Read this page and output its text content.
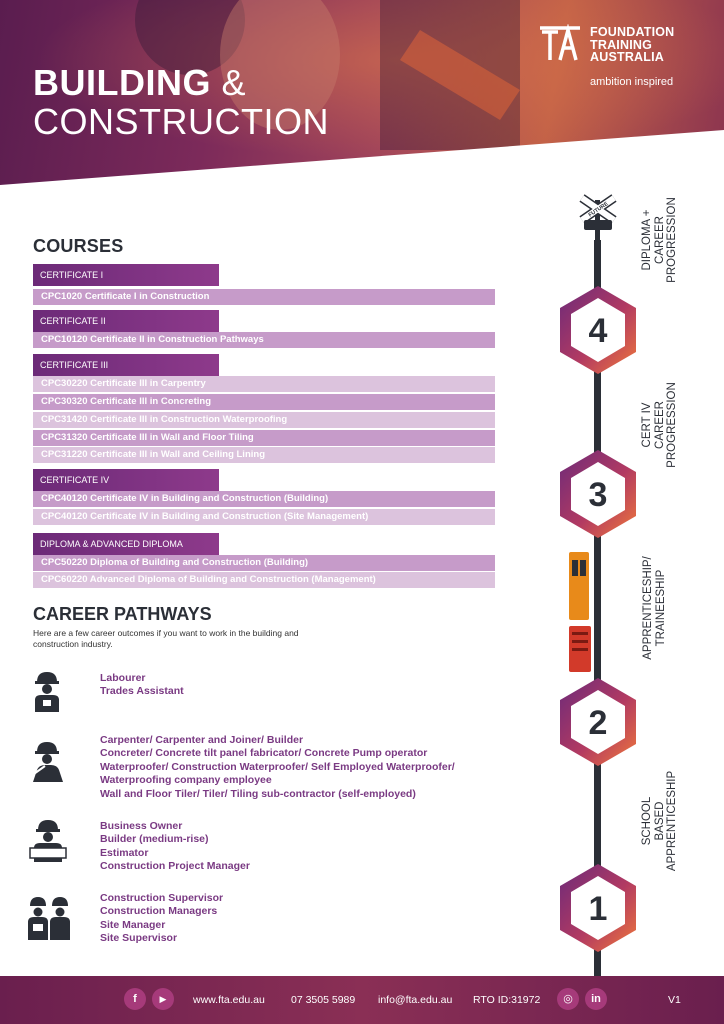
BUILDING &
CONSTRUCTION
FOUNDATION
TRAINING
AUSTRALIA
ambition inspired
COURSES
CERTIFICATE I
CPC1020 Certificate I in Construction
CERTIFICATE II
CPC10120 Certificate II in Construction Pathways
CERTIFICATE III
CPC30220 Certificate III in Carpentry
CPC30320 Certificate III in Concreting
CPC31420 Certificate III in Construction Waterproofing
CPC31320 Certificate III in Wall and Floor Tiling
CPC31220 Certificate III in Wall and Ceiling Lining
CERTIFICATE IV
CPC40120 Certificate IV in Building and Construction (Building)
CPC40120 Certificate IV in Building and Construction (Site Management)
DIPLOMA & ADVANCED DIPLOMA
CPC50220 Diploma of Building and Construction (Building)
CPC60220 Advanced Diploma of Building and Construction (Management)
CAREER PATHWAYS
Here are a few career outcomes if you want to work in the building and construction industry.
Labourer
Trades Assistant
Carpenter/ Carpenter and Joiner/ Builder
Concreter/ Concrete tilt panel fabricator/ Concrete Pump operator
Waterproofer/ Construction Waterproofer/ Self Employed Waterproofer/
Waterproofing company employee
Wall and Floor Tiler/ Tiler/ Tiling sub-contractor (self-employed)
Business Owner
Builder (medium-rise)
Estimator
Construction Project Manager
Construction Supervisor
Construction Managers
Site Manager
Site Supervisor
FUTURE
4
3
2
1
DIPLOMA + CAREER PROGRESSION
CERT IV CAREER PROGRESSION
APPRENTICESHIP/ TRAINEESHIP
SCHOOL BASED APPRENTICESHIP
f	▶	www.fta.edu.au 07 3505 5989 info@fta.edu.au RTO ID:31972	◎	in	V1
